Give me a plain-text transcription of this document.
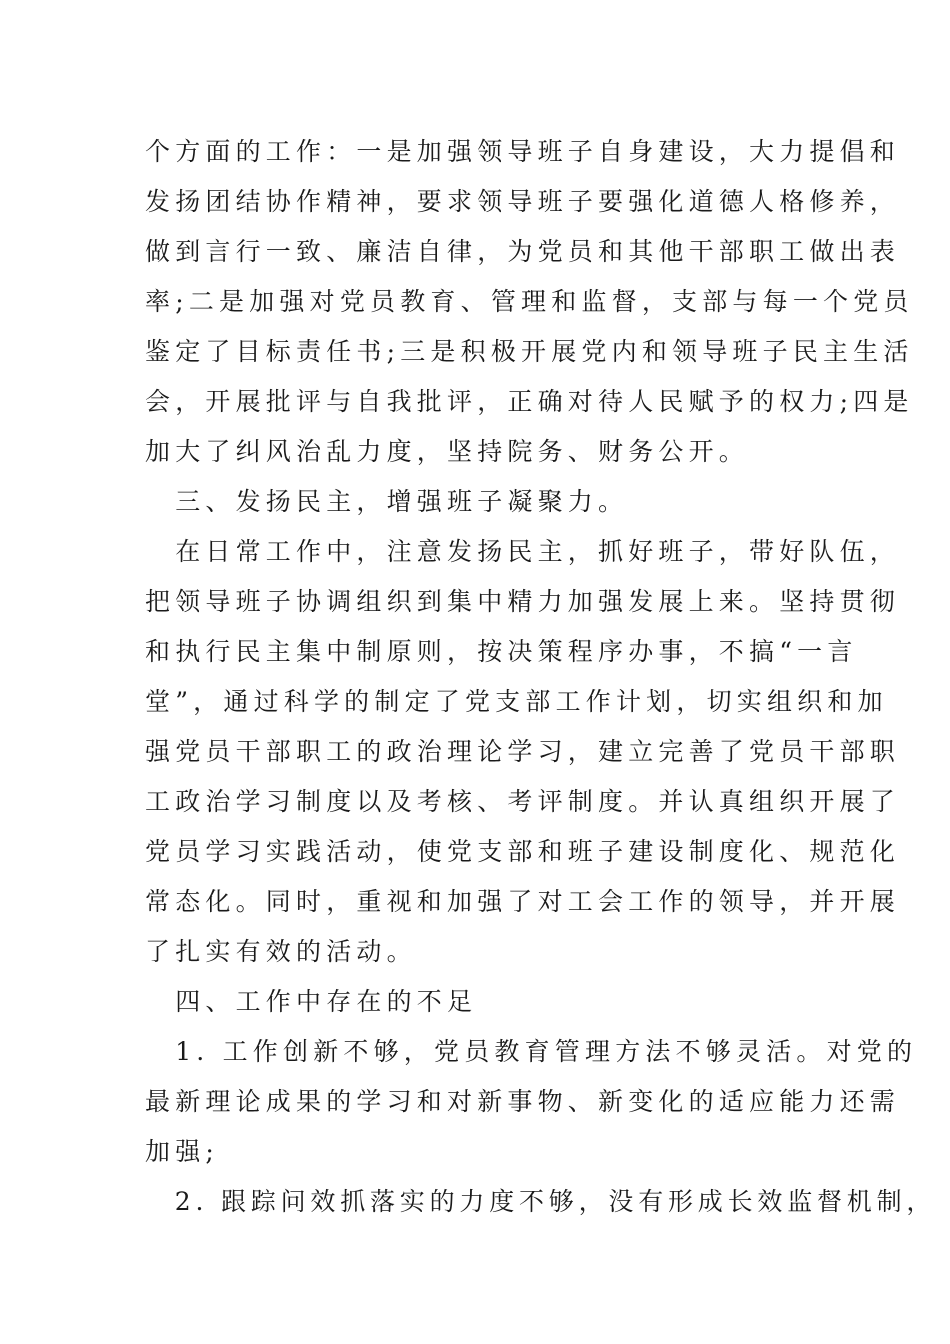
个方面的工作：一是加强领导班子自身建设，大力提倡和
发扬团结协作精神，要求领导班子要强化道德人格修养，
做到言行一致、廉洁自律，为党员和其他干部职工做出表
率;二是加强对党员教育、管理和监督，支部与每一个党员
鉴定了目标责任书;三是积极开展党内和领导班子民主生活
会，开展批评与自我批评，正确对待人民赋予的权力;四是
加大了纠风治乱力度，坚持院务、财务公开。
　三、发扬民主，增强班子凝聚力。
　在日常工作中，注意发扬民主，抓好班子，带好队伍，
把领导班子协调组织到集中精力加强发展上来。坚持贯彻
和执行民主集中制原则，按决策程序办事，不搞“一言
堂”，通过科学的制定了党支部工作计划，切实组织和加
强党员干部职工的政治理论学习，建立完善了党员干部职
工政治学习制度以及考核、考评制度。并认真组织开展了
党员学习实践活动，使党支部和班子建设制度化、规范化
常态化。同时，重视和加强了对工会工作的领导，并开展
了扎实有效的活动。
　四、工作中存在的不足
　1. 工作创新不够，党员教育管理方法不够灵活。对党的
最新理论成果的学习和对新事物、新变化的适应能力还需
加强;
　2. 跟踪问效抓落实的力度不够，没有形成长效监督机制，
